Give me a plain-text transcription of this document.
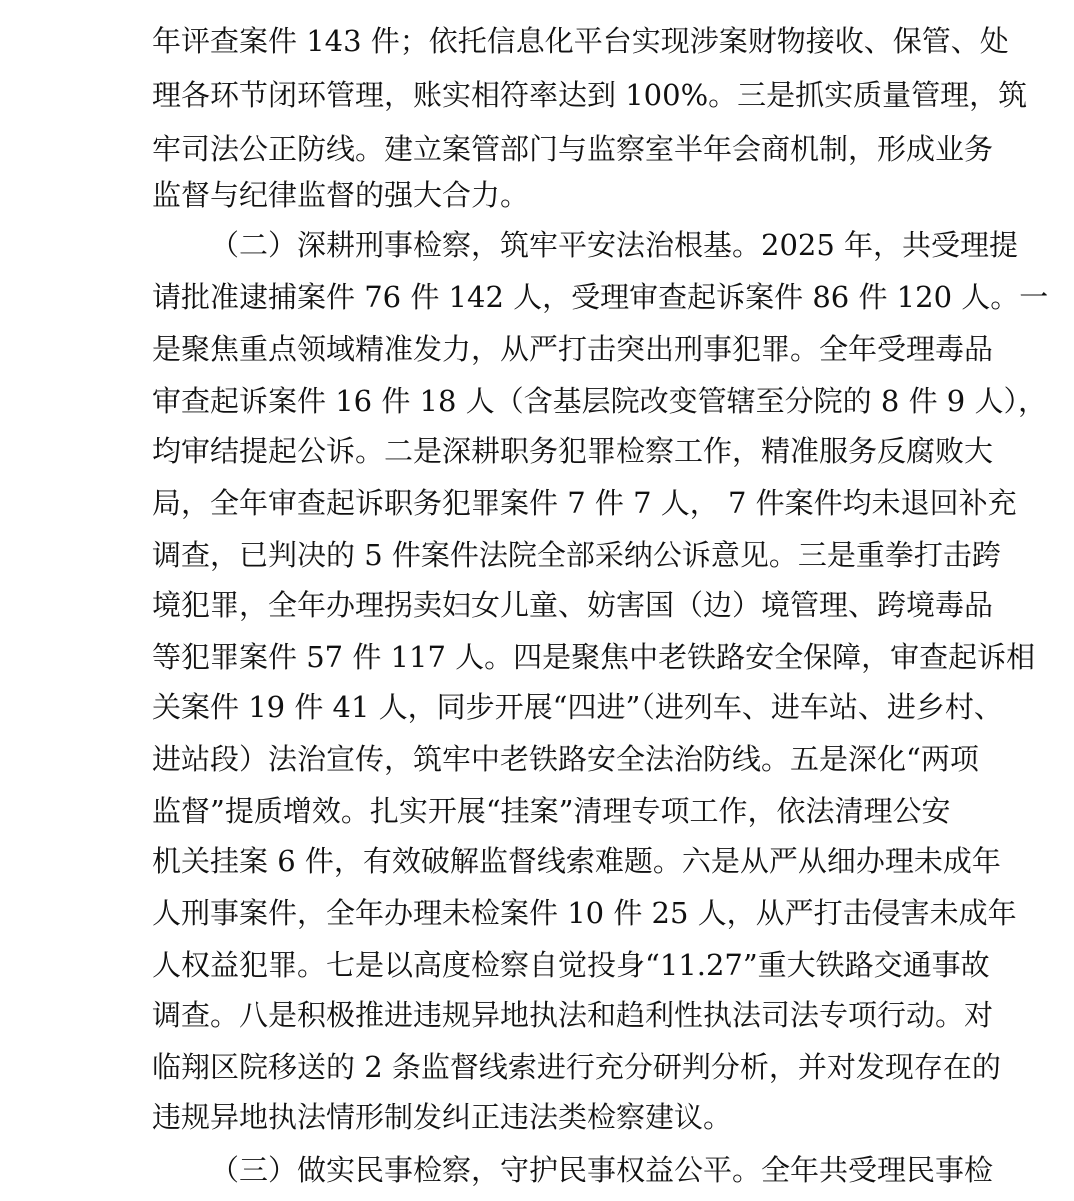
年评查案件 143 件；依托信息化平台实现涉案财物接收、保管、处
理各环节闭环管理，账实相符率达到 100%。三是抓实质量管理，筑
牢司法公正防线。建立案管部门与监察室半年会商机制，形成业务
监督与纪律监督的强大合力。
（二）深耕刑事检察，筑牢平安法治根基。2025 年，共受理提
请批准逮捕案件 76 件 142 人，受理审查起诉案件 86 件 120 人。一
是聚焦重点领域精准发力，从严打击突出刑事犯罪。全年受理毒品
审查起诉案件 16 件 18 人（含基层院改变管辖至分院的 8 件 9 人），
均审结提起公诉。二是深耕职务犯罪检察工作，精准服务反腐败大
局，全年审查起诉职务犯罪案件 7 件 7 人， 7 件案件均未退回补充
调查，已判决的 5 件案件法院全部采纳公诉意见。三是重拳打击跨
境犯罪，全年办理拐卖妇女儿童、妨害国（边）境管理、跨境毒品
等犯罪案件 57 件 117 人。四是聚焦中老铁路安全保障，审查起诉相
关案件 19 件 41 人，同步开展“四进”（进列车、进车站、进乡村、
进站段）法治宣传，筑牢中老铁路安全法治防线。五是深化“两项
监督”提质增效。扎实开展“挂案”清理专项工作，依法清理公安
机关挂案 6 件，有效破解监督线索难题。六是从严从细办理未成年
人刑事案件，全年办理未检案件 10 件 25 人，从严打击侵害未成年
人权益犯罪。七是以高度检察自觉投身“11.27”重大铁路交通事故
调查。八是积极推进违规异地执法和趋利性执法司法专项行动。对
临翔区院移送的 2 条监督线索进行充分研判分析，并对发现存在的
违规异地执法情形制发纠正违法类检察建议。
（三）做实民事检察，守护民事权益公平。全年共受理民事检
